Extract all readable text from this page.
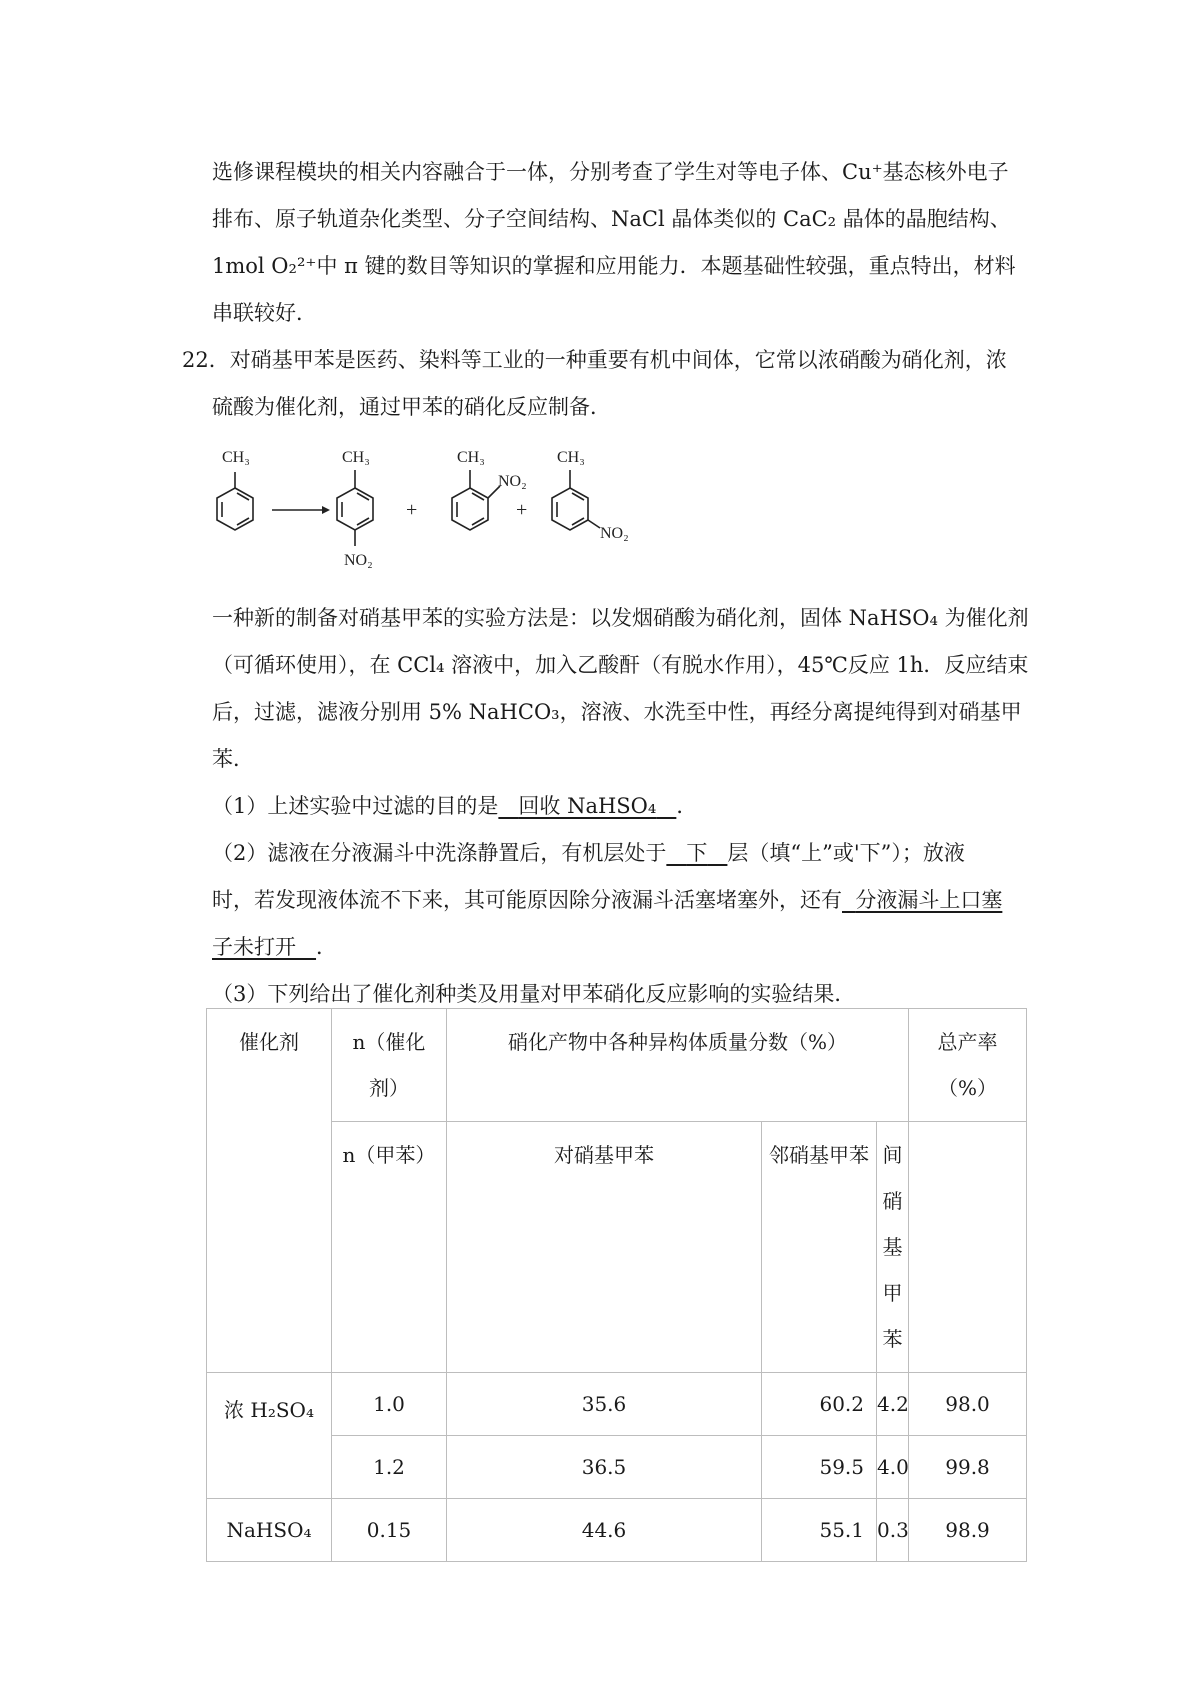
选修课程模块的相关内容融合于一体，分别考查了学生对等电子体、Cu⁺基态核外电子
排布、原子轨道杂化类型、分子空间结构、NaCl 晶体类似的 CaC₂ 晶体的晶胞结构、
1mol O₂²⁺中 π 键的数目等知识的掌握和应用能力．本题基础性较强，重点特出，材料
串联较好．
22．对硝基甲苯是医药、染料等工业的一种重要有机中间体，它常以浓硝酸为硝化剂，浓
硫酸为催化剂，通过甲苯的硝化反应制备．
CH₃	CH₃
NO₂
CH₃
NO₂
CH₃
NO₂
+	+
一种新的制备对硝基甲苯的实验方法是：以发烟硝酸为硝化剂，固体 NaHSO₄ 为催化剂
（可循环使用），在 CCl₄ 溶液中，加入乙酸酐（有脱水作用），45℃反应 1h．反应结束
后，过滤，滤液分别用 5% NaHCO₃，溶液、水洗至中性，再经分离提纯得到对硝基甲
苯．
（1）上述实验中过滤的目的是 回收 NaHSO₄ ．
（2）滤液在分液漏斗中洗涤静置后，有机层处于 下 层（填“上”或'下”）；放液
时，若发现液体流不下来，其可能原因除分液漏斗活塞堵塞外，还有 分液漏斗上口塞
子未打开 ．
（3）下列给出了催化剂种类及用量对甲苯硝化反应影响的实验结果．
催化剂	n（催化
剂）	硝化产物中各种异构体质量分数（%）			总产率
（%）
	n（甲苯）	对硝基甲苯	邻硝基甲苯	间
硝
基
甲
苯	

浓 H₂SO₄	1.0	35.6	60.2	4.2	98.0
	1.2	36.5	59.5	4.0	99.8
NaHSO₄	0.15	44.6	55.1	0.3	98.9
